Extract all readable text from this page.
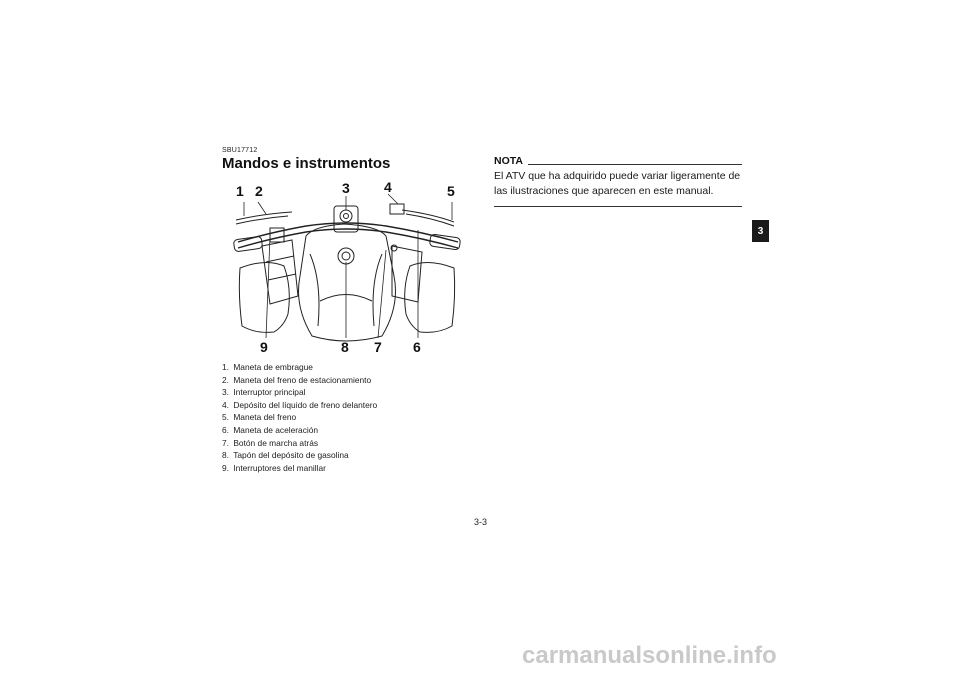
SBU17712
Mandos e instrumentos
1 2	3 4	5
9	8 7 6
1. Maneta de embrague
2. Maneta del freno de estacionamiento
3. Interruptor principal
4. Depósito del líquido de freno delantero
5. Maneta del freno
6. Maneta de aceleración
7. Botón de marcha atrás
8. Tapón del depósito de gasolina
9. Interruptores del manillar
NOTA

El ATV que ha adquirido puede variar ligeramente de las ilustraciones que aparecen en este manual.

3
3-3
carmanualsonline.info
